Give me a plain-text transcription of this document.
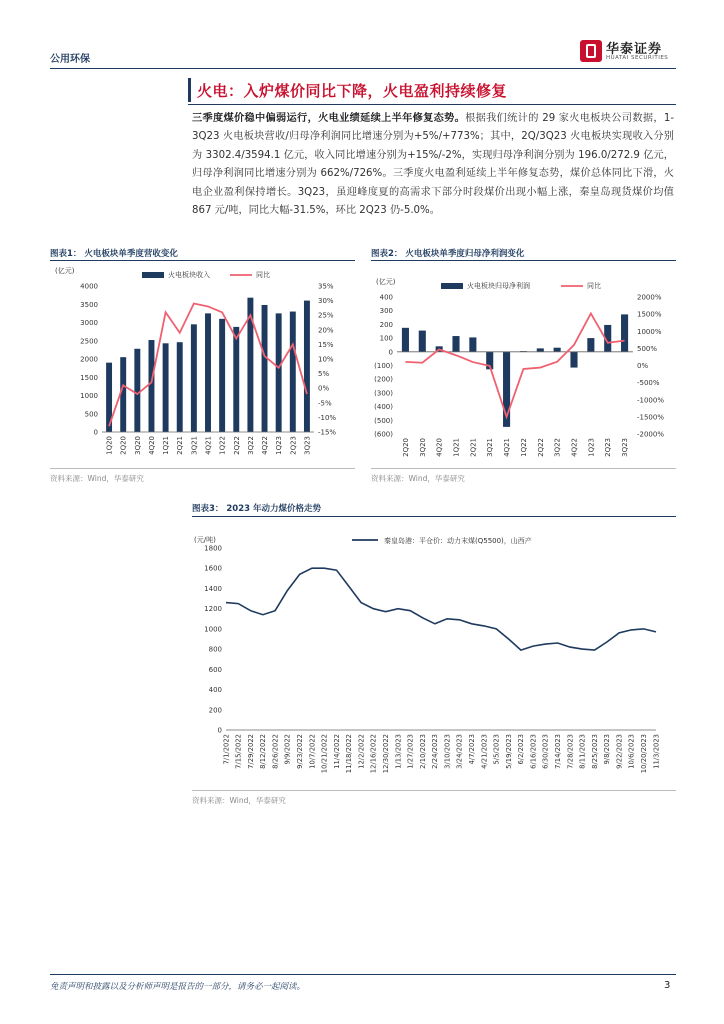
公用环保
华泰证券
HUATAI SECURITIES
火电：入炉煤价同比下降，火电盈利持续修复
三季度煤价稳中偏弱运行，火电业绩延续上半年修复态势。根据我们统计的 29 家火电板块公司数据，1-3Q23 火电板块营收/归母净利润同比增速分别为+5%/+773%；其中，2Q/3Q23 火电板块实现收入分别为 3302.4/3594.1 亿元，收入同比增速分别为+15%/-2%，实现归母净利润分别为 196.0/272.9 亿元，归母净利润同比增速分别为 662%/726%。三季度火电盈利延续上半年修复态势，煤价总体同比下滑，火电企业盈利保持增长。3Q23，虽迎峰度夏的高需求下部分时段煤价出现小幅上涨，秦皇岛现货煤价均值 867 元/吨，同比大幅-31.5%，环比 2Q23 仍-5.0%。
图表1： 火电板块单季度营收变化
(亿元)
0
500
1000
1500
2000
2500
3000
3500
4000	35%
30%
25%
20%
15%
10%
5%
0%
-5%
-10%
-15%
1Q20 2Q20 3Q20 4Q20 1Q21 2Q21 3Q21 4Q21 1Q22 2Q22 3Q22 4Q22 1Q23 2Q23 3Q23
火电板块收入	同比
资料来源：Wind，华泰研究
图表2： 火电板块单季度归母净利润变化
(亿元)
400
300
200
100
0
(100)
(200)
(300)
(400)
(500)
(600)
2000%
1500%
1000%
500%
0%
-500%
-1000%
-1500%
-2000%
2Q20 3Q20 4Q20 1Q21 2Q21 3Q21 4Q21 1Q22 2Q22 3Q22 4Q22 1Q23 2Q23 3Q23
火电板块归母净利润	同比
资料来源：Wind，华泰研究
图表3： 2023 年动力煤价格走势
(元/吨)
0
200
400
600
800
1000
1200
1400
1600
1800
7/1/2022 7/15/2022 7/29/2022 8/12/2022 8/26/2022 9/9/2022 9/23/2022 10/7/2022 10/21/2022 11/4/2022 11/18/2022 12/2/2022 12/16/2022 12/30/2022 1/13/2023 1/27/2023 2/10/2023 2/24/2023 3/10/2023 3/24/2023 4/7/2023 4/21/2023 5/5/2023 5/19/2023 6/2/2023 6/16/2023 6/30/2023 7/14/2023 7/28/2023 8/11/2023 8/25/2023 9/8/2023 9/22/2023 10/6/2023 10/20/2023 11/3/2023
秦皇岛港：平仓价：动力末煤(Q5500)，山西产
资料来源：Wind，华泰研究
免责声明和披露以及分析师声明是报告的一部分，请务必一起阅读。	3
